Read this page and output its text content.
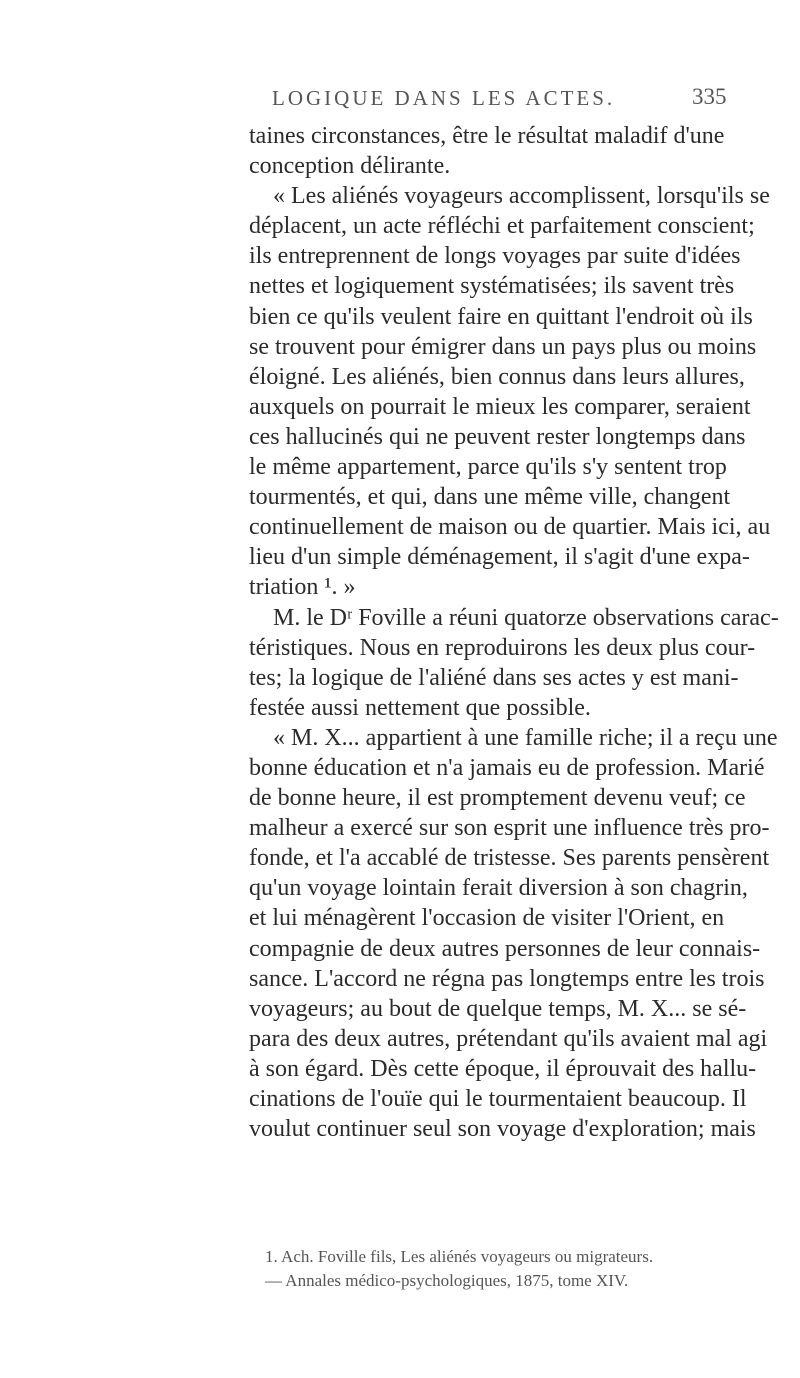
LOGIQUE DANS LES ACTES.	335
taines circonstances, être le résultat maladif d'une
conception délirante.
« Les aliénés voyageurs accomplissent, lorsqu'ils se
déplacent, un acte réfléchi et parfaitement conscient;
ils entreprennent de longs voyages par suite d'idées
nettes et logiquement systématisées; ils savent très
bien ce qu'ils veulent faire en quittant l'endroit où ils
se trouvent pour émigrer dans un pays plus ou moins
éloigné. Les aliénés, bien connus dans leurs allures,
auxquels on pourrait le mieux les comparer, seraient
ces hallucinés qui ne peuvent rester longtemps dans
le même appartement, parce qu'ils s'y sentent trop
tourmentés, et qui, dans une même ville, changent
continuellement de maison ou de quartier. Mais ici, au
lieu d'un simple déménagement, il s'agit d'une expa-
triation ¹. »
M. le Dʳ Foville a réuni quatorze observations carac-
téristiques. Nous en reproduirons les deux plus cour-
tes; la logique de l'aliéné dans ses actes y est mani-
festée aussi nettement que possible.
« M. X... appartient à une famille riche; il a reçu une
bonne éducation et n'a jamais eu de profession. Marié
de bonne heure, il est promptement devenu veuf; ce
malheur a exercé sur son esprit une influence très pro-
fonde, et l'a accablé de tristesse. Ses parents pensèrent
qu'un voyage lointain ferait diversion à son chagrin,
et lui ménagèrent l'occasion de visiter l'Orient, en
compagnie de deux autres personnes de leur connais-
sance. L'accord ne régna pas longtemps entre les trois
voyageurs; au bout de quelque temps, M. X... se sé-
para des deux autres, prétendant qu'ils avaient mal agi
à son égard. Dès cette époque, il éprouvait des hallu-
cinations de l'ouïe qui le tourmentaient beaucoup. Il
voulut continuer seul son voyage d'exploration; mais
1. Ach. Foville fils, Les aliénés voyageurs ou migrateurs.
— Annales médico-psychologiques, 1875, tome XIV.
